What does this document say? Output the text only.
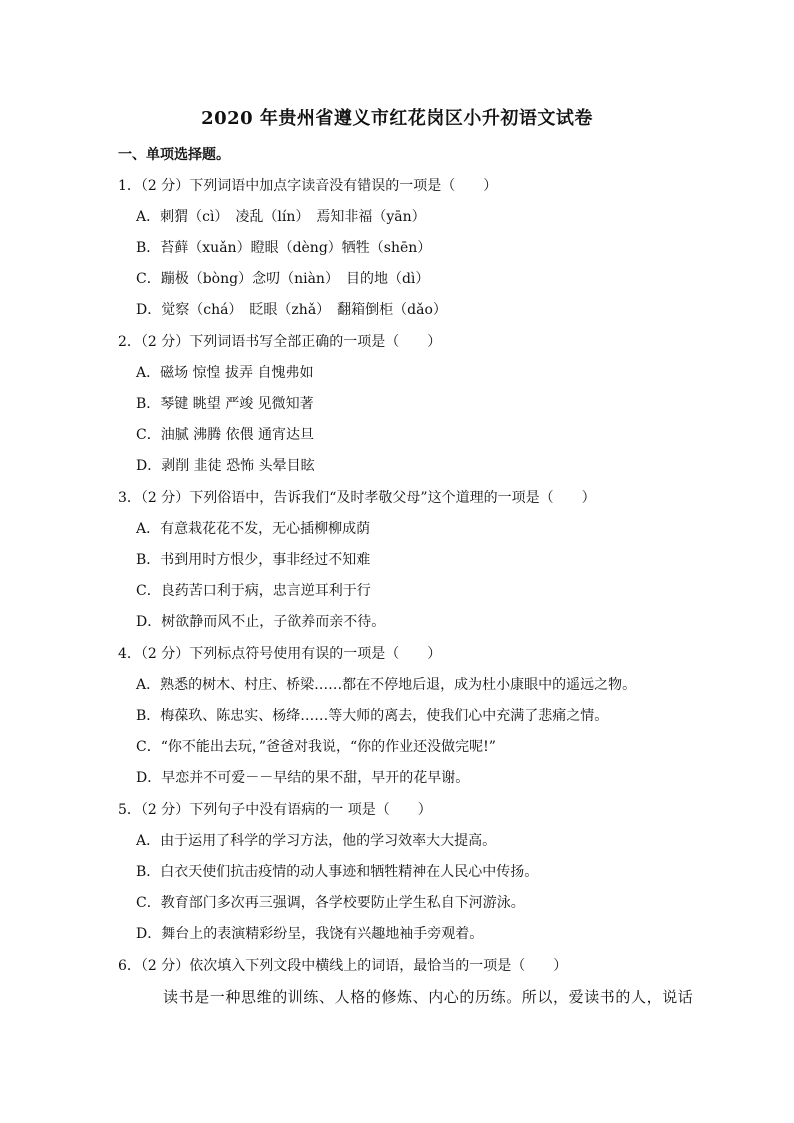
2020 年贵州省遵义市红花岗区小升初语文试卷
一、单项选择题。
1．（2 分）下列词语中加点字读音没有错误的一项是（　　）
A．刺猬（cì）　凌乱（lín）　焉知非福（yān）
B．苔藓（xuǎn）瞪眼（dèng）牺牲（shēn）
C．蹦极（bòng）念叨（niàn）　目的地（dì）
D．觉察（chá）　眨眼（zhǎ）　翻箱倒柜（dǎo）
2．（2 分）下列词语书写全部正确的一项是（　　）
A．磁场 惊惶 拔弄 自愧弗如
B．琴键 眺望 严竣 见微知著
C．油腻 沸腾 依偎 通宵达旦
D．剥削 韭徒 恐怖 头晕目眩
3．（2 分）下列俗语中，告诉我们“及时孝敬父母”这个道理的一项是（　　）
A．有意栽花花不发，无心插柳柳成荫
B．书到用时方恨少，事非经过不知难
C．良药苦口利于病，忠言逆耳利于行
D．树欲静而风不止，子欲养而亲不待。
4．（2 分）下列标点符号使用有误的一项是（　　）
A．熟悉的树木、村庄、桥梁……都在不停地后退，成为杜小康眼中的遥远之物。
B．梅葆玖、陈忠实、杨绛……等大师的离去，使我们心中充满了悲痛之情。
C．“你不能出去玩，”爸爸对我说，“你的作业还没做完呢!”
D．早恋并不可爱－－早结的果不甜，早开的花早谢。
5．（2 分）下列句子中没有语病的一 项是（　　）
A．由于运用了科学的学习方法，他的学习效率大大提高。
B．白衣天使们抗击疫情的动人事迹和牺牲精神在人民心中传扬。
C．教育部门多次再三强调，各学校要防止学生私自下河游泳。
D．舞台上的表演精彩纷呈，我饶有兴趣地袖手旁观着。
6．（2 分）依次填入下列文段中横线上的词语，最恰当的一项是（　　）
读书是一种思维的训练、人格的修炼、内心的历练。所以，爱读书的人，说话
